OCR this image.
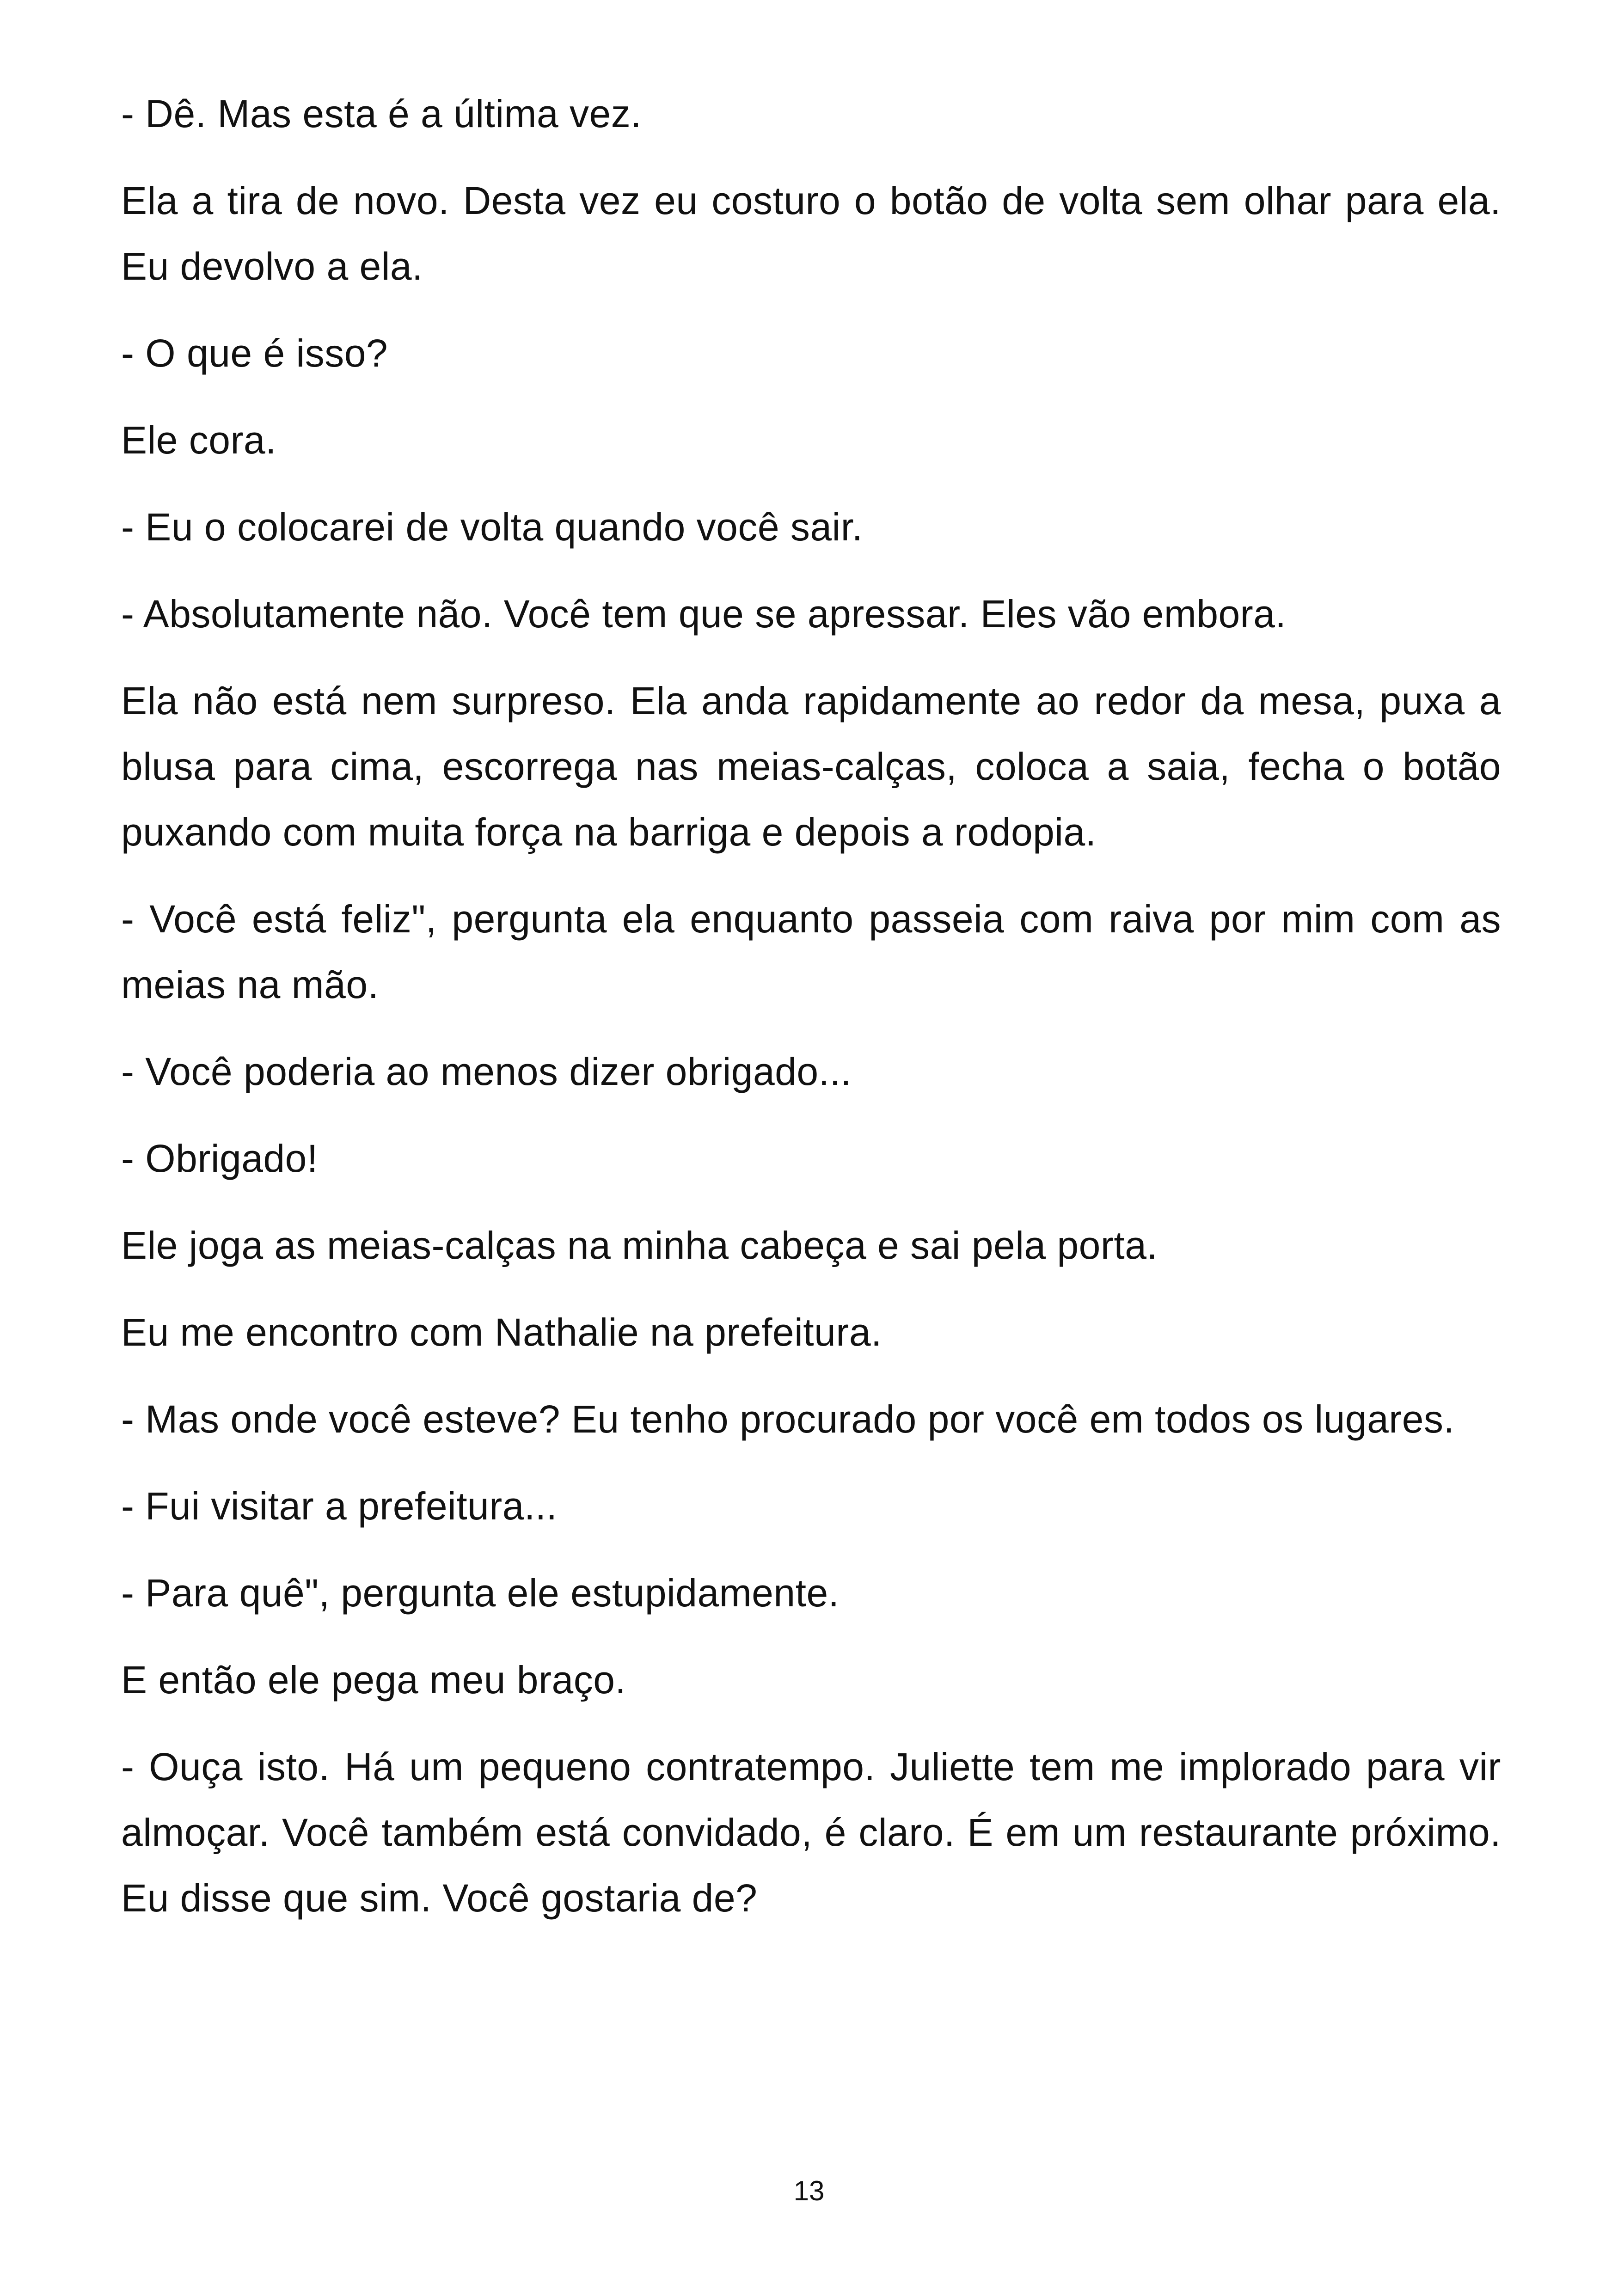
- Dê. Mas esta é a última vez.

Ela a tira de novo. Desta vez eu costuro o botão de volta sem olhar para ela. Eu devolvo a ela.

- O que é isso?

Ele cora.

- Eu o colocarei de volta quando você sair.

- Absolutamente não. Você tem que se apressar. Eles vão embora.

Ela não está nem surpreso. Ela anda rapidamente ao redor da mesa, puxa a blusa para cima, escorrega nas meias-calças, coloca a saia, fecha o botão puxando com muita força na barriga e depois a rodopia.

- Você está feliz", pergunta ela enquanto passeia com raiva por mim com as meias na mão.

- Você poderia ao menos dizer obrigado...

- Obrigado!

Ele joga as meias-calças na minha cabeça e sai pela porta.

Eu me encontro com Nathalie na prefeitura.

- Mas onde você esteve? Eu tenho procurado por você em todos os lugares.

- Fui visitar a prefeitura...

- Para quê", pergunta ele estupidamente.

E então ele pega meu braço.

- Ouça isto. Há um pequeno contratempo. Juliette tem me implorado para vir almoçar. Você também está convidado, é claro. É em um restaurante próximo. Eu disse que sim. Você gostaria de?

13
